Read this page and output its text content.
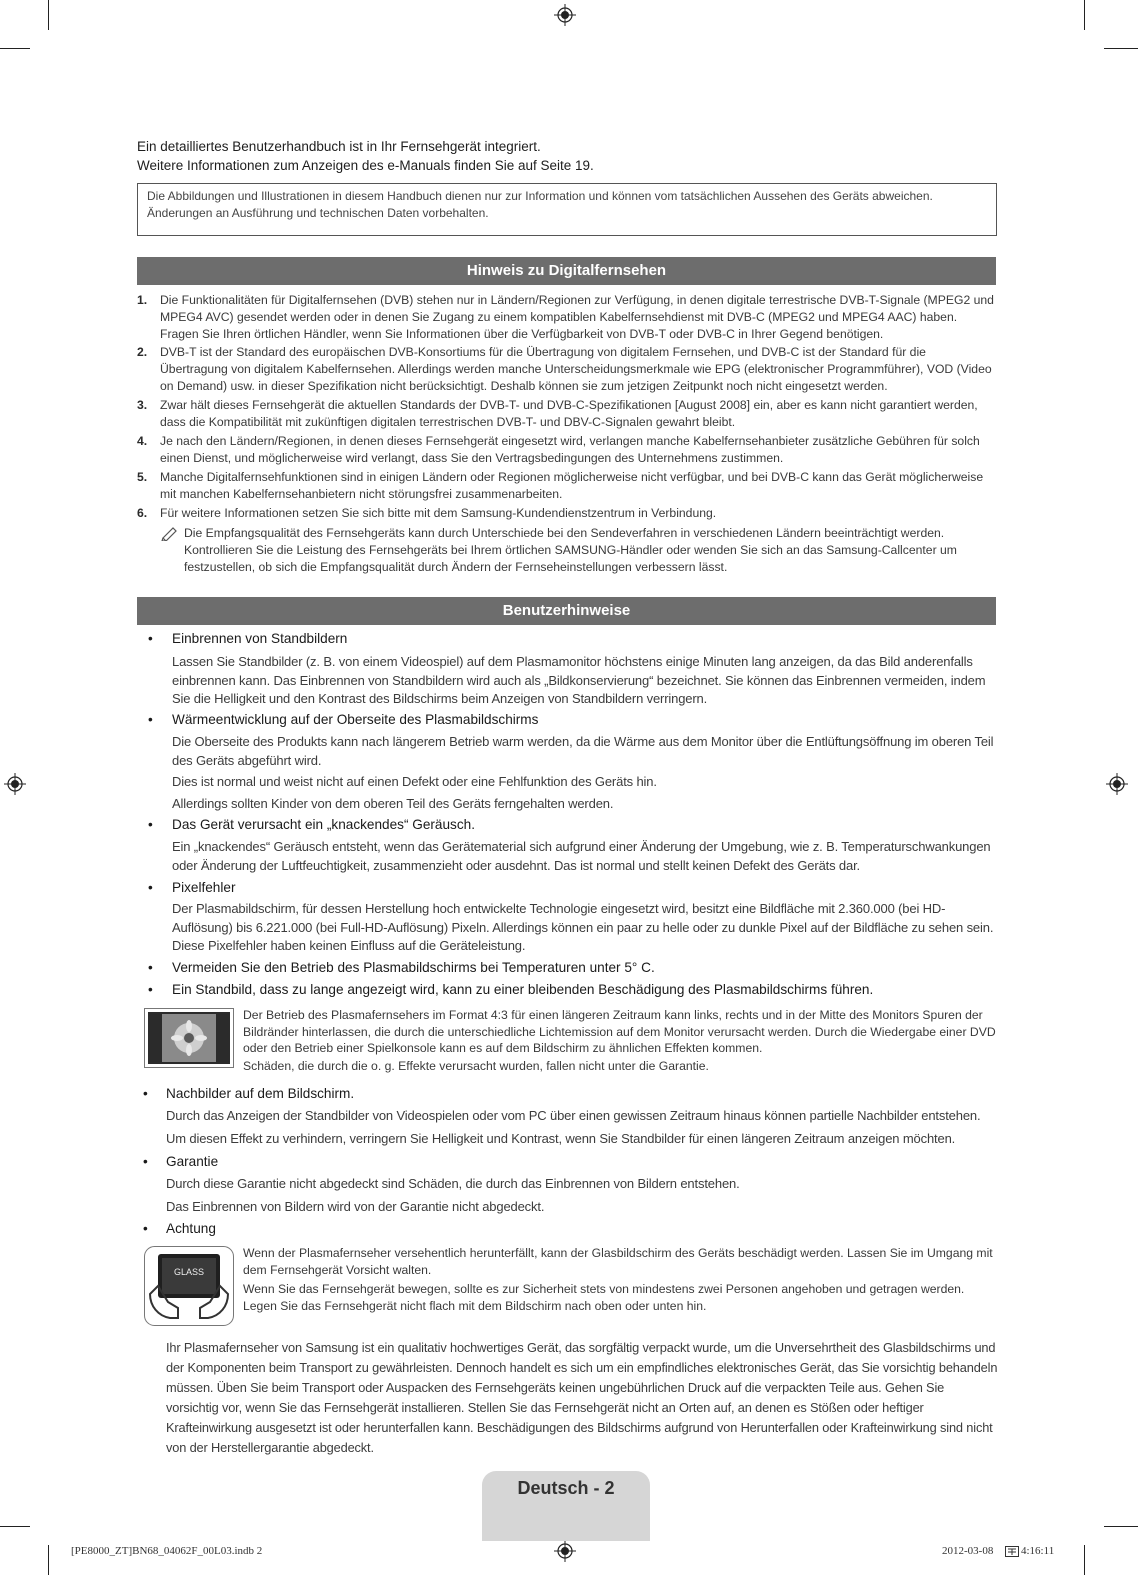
Ein detailliertes Benutzerhandbuch ist in Ihr Fernsehgerät integriert.
Weitere Informationen zum Anzeigen des e-Manuals finden Sie auf Seite 19.
Die Abbildungen und Illustrationen in diesem Handbuch dienen nur zur Information und können vom tatsächlichen Aussehen des Geräts abweichen.
Änderungen an Ausführung und technischen Daten vorbehalten.
Hinweis zu Digitalfernsehen
1. Die Funktionalitäten für Digitalfernsehen (DVB) stehen nur in Ländern/Regionen zur Verfügung, in denen digitale terrestrische DVB-T-Signale (MPEG2 und MPEG4 AVC) gesendet werden oder in denen Sie Zugang zu einem kompatiblen Kabelfernsehdienst mit DVB-C (MPEG2 und MPEG4 AAC) haben. Fragen Sie Ihren örtlichen Händler, wenn Sie Informationen über die Verfügbarkeit von DVB-T oder DVB-C in Ihrer Gegend benötigen.
2. DVB-T ist der Standard des europäischen DVB-Konsortiums für die Übertragung von digitalem Fernsehen, und DVB-C ist der Standard für die Übertragung von digitalem Kabelfernsehen. Allerdings werden manche Unterscheidungsmerkmale wie EPG (elektronischer Programmführer), VOD (Video on Demand) usw. in dieser Spezifikation nicht berücksichtigt. Deshalb können sie zum jetzigen Zeitpunkt noch nicht eingesetzt werden.
3. Zwar hält dieses Fernsehgerät die aktuellen Standards der DVB-T- und DVB-C-Spezifikationen [August 2008] ein, aber es kann nicht garantiert werden, dass die Kompatibilität mit zukünftigen digitalen terrestrischen DVB-T- und DBV-C-Signalen gewahrt bleibt.
4. Je nach den Ländern/Regionen, in denen dieses Fernsehgerät eingesetzt wird, verlangen manche Kabelfernsehanbieter zusätzliche Gebühren für solch einen Dienst, und möglicherweise wird verlangt, dass Sie den Vertragsbedingungen des Unternehmens zustimmen.
5. Manche Digitalfernsehfunktionen sind in einigen Ländern oder Regionen möglicherweise nicht verfügbar, und bei DVB-C kann das Gerät möglicherweise mit manchen Kabelfernsehanbietern nicht störungsfrei zusammenarbeiten.
6. Für weitere Informationen setzen Sie sich bitte mit dem Samsung-Kundendienstzentrum in Verbindung.
Die Empfangsqualität des Fernsehgeräts kann durch Unterschiede bei den Sendeverfahren in verschiedenen Ländern beeinträchtigt werden. Kontrollieren Sie die Leistung des Fernsehgeräts bei Ihrem örtlichen SAMSUNG-Händler oder wenden Sie sich an das Samsung-Callcenter um festzustellen, ob sich die Empfangsqualität durch Ändern der Fernseheinstellungen verbessern lässt.
Benutzerhinweise
• Einbrennen von Standbildern
Lassen Sie Standbilder (z. B. von einem Videospiel) auf dem Plasmamonitor höchstens einige Minuten lang anzeigen, da das Bild anderenfalls einbrennen kann. Das Einbrennen von Standbildern wird auch als „Bildkonservierung“ bezeichnet. Sie können das Einbrennen vermeiden, indem Sie die Helligkeit und den Kontrast des Bildschirms beim Anzeigen von Standbildern verringern.
• Wärmeentwicklung auf der Oberseite des Plasmabildschirms
Die Oberseite des Produkts kann nach längerem Betrieb warm werden, da die Wärme aus dem Monitor über die Entlüftungsöffnung im oberen Teil des Geräts abgeführt wird.
Dies ist normal und weist nicht auf einen Defekt oder eine Fehlfunktion des Geräts hin.
Allerdings sollten Kinder von dem oberen Teil des Geräts ferngehalten werden.
• Das Gerät verursacht ein „knackendes“ Geräusch.
Ein „knackendes“ Geräusch entsteht, wenn das Gerätematerial sich aufgrund einer Änderung der Umgebung, wie z. B. Temperaturschwankungen oder Änderung der Luftfeuchtigkeit, zusammenzieht oder ausdehnt. Das ist normal und stellt keinen Defekt des Geräts dar.
• Pixelfehler
Der Plasmabildschirm, für dessen Herstellung hoch entwickelte Technologie eingesetzt wird, besitzt eine Bildfläche mit 2.360.000 (bei HD-Auflösung) bis 6.221.000 (bei Full-HD-Auflösung) Pixeln. Allerdings können ein paar zu helle oder zu dunkle Pixel auf der Bildfläche zu sehen sein. Diese Pixelfehler haben keinen Einfluss auf die Geräteleistung.
• Vermeiden Sie den Betrieb des Plasmabildschirms bei Temperaturen unter 5° C.
• Ein Standbild, dass zu lange angezeigt wird, kann zu einer bleibenden Beschädigung des Plasmabildschirms führen.
Der Betrieb des Plasmafernsehers im Format 4:3 für einen längeren Zeitraum kann links, rechts und in der Mitte des Monitors Spuren der Bildränder hinterlassen, die durch die unterschiedliche Lichtemission auf dem Monitor verursacht werden. Durch die Wiedergabe einer DVD oder den Betrieb einer Spielkonsole kann es auf dem Bildschirm zu ähnlichen Effekten kommen.
Schäden, die durch die o. g. Effekte verursacht wurden, fallen nicht unter die Garantie.
• Nachbilder auf dem Bildschirm.
Durch das Anzeigen der Standbilder von Videospielen oder vom PC über einen gewissen Zeitraum hinaus können partielle Nachbilder entstehen.
Um diesen Effekt zu verhindern, verringern Sie Helligkeit und Kontrast, wenn Sie Standbilder für einen längeren Zeitraum anzeigen möchten.
• Garantie
Durch diese Garantie nicht abgedeckt sind Schäden, die durch das Einbrennen von Bildern entstehen.
Das Einbrennen von Bildern wird von der Garantie nicht abgedeckt.
• Achtung
GLASS
Wenn der Plasmafernseher versehentlich herunterfällt, kann der Glasbildschirm des Geräts beschädigt werden. Lassen Sie im Umgang mit dem Fernsehgerät Vorsicht walten.
Wenn Sie das Fernsehgerät bewegen, sollte es zur Sicherheit stets von mindestens zwei Personen angehoben und getragen werden. Legen Sie das Fernsehgerät nicht flach mit dem Bildschirm nach oben oder unten hin.
Ihr Plasmafernseher von Samsung ist ein qualitativ hochwertiges Gerät, das sorgfältig verpackt wurde, um die Unversehrtheit des Glasbildschirms und der Komponenten beim Transport zu gewährleisten. Dennoch handelt es sich um ein empfindliches elektronisches Gerät, das Sie vorsichtig behandeln müssen. Üben Sie beim Transport oder Auspacken des Fernsehgeräts keinen ungebührlichen Druck auf die verpackten Teile aus. Gehen Sie vorsichtig vor, wenn Sie das Fernsehgerät installieren. Stellen Sie das Fernsehgerät nicht an Orten auf, an denen es Stößen oder heftiger Krafteinwirkung ausgesetzt ist oder herunterfallen kann. Beschädigungen des Bildschirms aufgrund von Herunterfallen oder Krafteinwirkung sind nicht von der Herstellergarantie abgedeckt.
Deutsch - 2
[PE8000_ZT]BN68_04062F_00L03.indb 2	2012-03-08	4:16:11
